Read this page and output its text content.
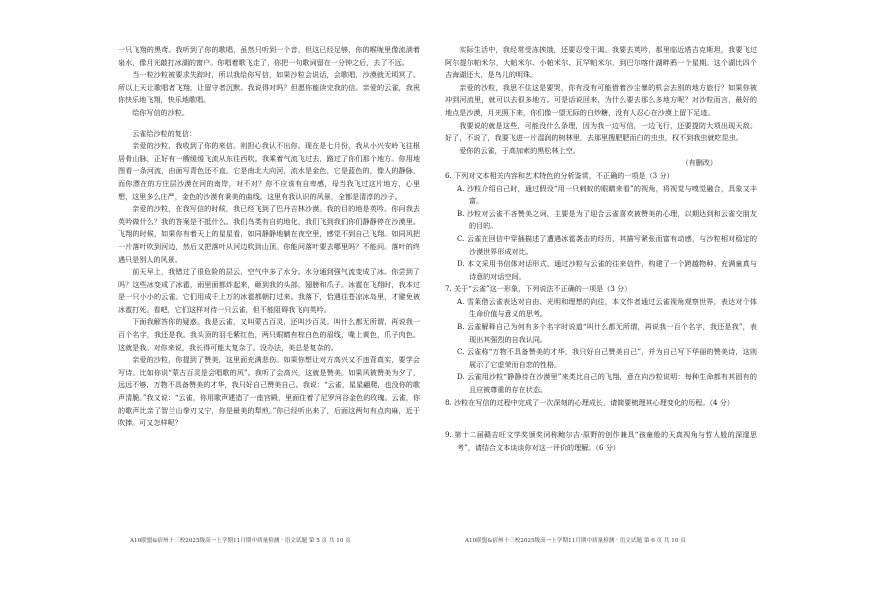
一只飞翔的黑鸢。我听到了你的歌唱，虽然只听到一个音，但这已经足够，你的喉咙里像流淌着泉水，像月光敲打冰湖的窗户。你唱着歌飞走了，你把一句歌词留在一分钟之后，去了不远。
当一粒沙粒被要求失踪时，所以我给你写信，如果沙粒会说话，会歌唱，沙漠就无顷冥了。所以上天让歌唱者飞翔，让留守者沉默。我说得对吗？但愿你能读完我的信。亲爱的云雀，我祝你快乐地飞翔，快乐地歌唱。
给你写信的沙粒。
云雀给沙粒的复信：
亲爱的沙粒，我收到了你的来信。则担心我认不出你。现在是七月份，我从小兴安岭飞往根居骨山脉，正好有一艘缓缓飞流从东往西吹。我乘着气流飞过去，路过了你们那个地方。你用地图看一条河流，由面写青色还不直，它是南北大向河，流水是金色，它是蓝色的，像人的静脉，而你漂在的方庄层沙漠在河的南岸，对不对？你不应该有自卑感，母当我飞过这片地方，心里想，这里多么庄严，金色的沙漠有秉美的曲线。这里有我认识的风景，全都是清淳的沙子。
亲爱的沙粒，在我写信的时候，我已经飞到了巴丹吉林沙漠。我的目的地是英吟。你问我去英吟做什么？我的答案是不抵什么。我们鸟类有自的地化，我们飞到我们你们静静停在沙漠里。飞翔的时候，如果你有着天上的星星看，如同静静地躺在夜空里，感觉不到自己飞翔。如同风把一片落叶吹到河边，然后又把落叶从河边吹到山顶。你能问落叶要去哪里吗？不能问。落叶的终遇只是别人的风景。
前天早上，我错过了很危险的层云，空气中多了水分。水分通到强气流变成了冰。你尝到了吗？这些冰变成了冰雹，雨里面都炸起来，砸到我的头部，翅膀和爪子。冰雹在飞翔时，我本过是一只小小的云雀。它们用成千上万的冰雹都朝打过来。我落下，恰遇往苍凉冰岛里，才避免被冰雹打死。看吧，它们这样对待一只云雀，但不能阻碍我飞向英吟。
下面我解答你的疑惑。我是云雀，又叫蒙古百灵，还叫沙百灵。叫什么都无所谓，再说我一百个名字，我还是我。我头顶的羽毛紫红色，两只眼睛有棕白色的眉线，喙上黄色，爪子肉色。这就是我。对你来说，我长得可能太复杂了。没办法，美总是复杂的。
亲爱的沙粒，你提到了赞美，这里面充满悲伤。如果你想让对方高兴又不违背真实，要学会写诗。比如你说“蒙古百灵是会唱歌的风”。我听了会高兴，这就是赞美。如果风被赞美为夕了，远远不够，万物不具备赞美的才华，我只好自己赞美自己。我说：“云雀，星星翩爬，也没你的歌声清脆。”我又说：“云雀，你用歌声建造了一座宫殿，里面住着了尼罗河谷金色的玫瑰。云雀，你的歌声比亲了智兰山拳刃又宁，你是最美的犁煎。”你已经听出来了，后面这两句有点肉麻，近于吹捧。可又怎样呢？
A10联盟&宿州十三校2025级高一上学期11月期中质量检测 · 语文试题 第 5 页 共 10 页
实际生活中，我经常受冻挨饿，还要忍受干渴。我要去英吟，那里临近塔吉克斯坦，我要飞过阿尔提尔帕米尔，大帕米尔、小帕米尔、瓦罕帕米尔，到巴尔喀什湖畔鸦一个星期。这个湖比四个吉海湖还大，是鸟儿的明珠。
亲爱的沙粒，我思不住这是要哭，你有没有可能借着沙尘暴的机会去别的地方旅行？如果你被冲到河流里，就可以去很多地方。可是话说回来，为什么要去那么多地方呢？对沙粒而言，最好的地点是沙漠，月光照下来，你们像一望无际的白炒糖，没有人忍心在沙漠上留下足迹。
我要说的就是这些，可能没什么条理，因为我一边写信，一边飞行，还要提防大项出现天敌。好了，不说了，我要飞进一片湿润的树林里，去那里搜肥肥而白的虫虫，权不到我虫就吃昆虫。
爱你的云雀，于高加索的黑松林上空。
（有删改）
6. 下列对文本相关内容和艺术特色的分析鉴赏，不正确的一项是（3 分）
A. 沙粒介绍自己时，通过假设“用一只刺蚁的眼睛来看”的视角，将视觉与嗅觉融合，具象又丰富。
B. 沙粒对云雀不吝赞美之词，主要是为了迎合云雀喜欢被赞美的心理，以期达到和云雀交朋友的目的。
C. 云雀在回信中穿插描述了遭遇冰雹袭击的经历，其描写紧张而富有动感，与沙粒相对稳定的沙漠世界形成对比。
D. 本文采用书信体对话形式，通过沙粒与云雀的往来信件，构建了一个跨越物种、充满童真与诗意的对话空间。
7. 关于“云雀”这一形象，下列说法不正确的一项是（3 分）
A. 雪莱借云雀表达对自由、光明和理想的向往，本文作者通过云雀视角观察世界，表达对个体生命价值与意义的思考。
B. 云雀解释自己为何有多个名字时说道“叫什么都无所谓，再说我一百个名字，我还是我”，表现出其强烈的自我认同。
C. 云雀称“万物不具备赞美的才华，我只好自己赞美自己”，并为自己写下华丽的赞美诗，这则展示了它虚荣而自恋的性格。
D. 云雀用沙粒“静静待在沙漠里”来类比自己的飞翔，意在向沙粒说明：每种生命都有其固有的且应被尊重的存在状态。
8. 沙粒在写信的过程中完成了一次深刻的心理成长，请简要梳理其心理变化的历程。（4 分）
9. 第十二届赣吉旺文学奖颁奖词称鲍尔吉·原野的创作兼具“孩童般的天真视角与哲人般的深邃思考”，请结合文本谈谈你对这一评价的理解。（6 分）
A10联盟&宿州十三校2025级高一上学期11月期中质量检测 · 语文试题 第 6 页 共 10 页
